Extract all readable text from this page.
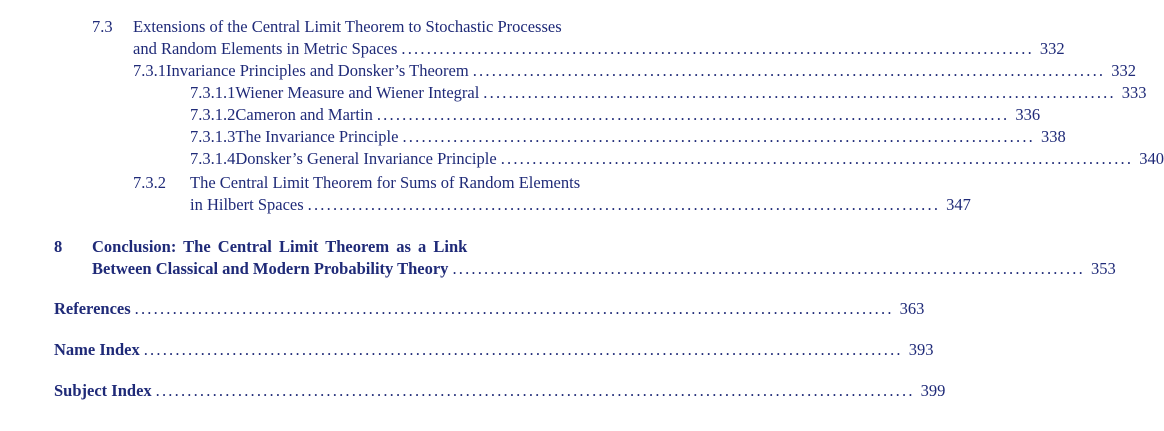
7.3	Extensions of the Central Limit Theorem to Stochastic Processes
and Random Elements in Metric Spaces .................................................................................................... 332
7.3.1 Invariance Principles and Donsker’s Theorem .................................................................................................... 332
7.3.1.1 Wiener Measure and Wiener Integral .................................................................................................... 333
7.3.1.2 Cameron and Martin .................................................................................................... 336
7.3.1.3 The Invariance Principle .................................................................................................... 338
7.3.1.4 Donsker’s General Invariance Principle .................................................................................................... 340
7.3.2	The Central Limit Theorem for Sums of Random Elements
in Hilbert Spaces .................................................................................................... 347
8	Conclusion: The Central Limit Theorem as a Link
Between Classical and Modern Probability Theory .................................................................................................... 353
References ........................................................................................................................ 363
Name Index ........................................................................................................................ 393
Subject Index ........................................................................................................................ 399
